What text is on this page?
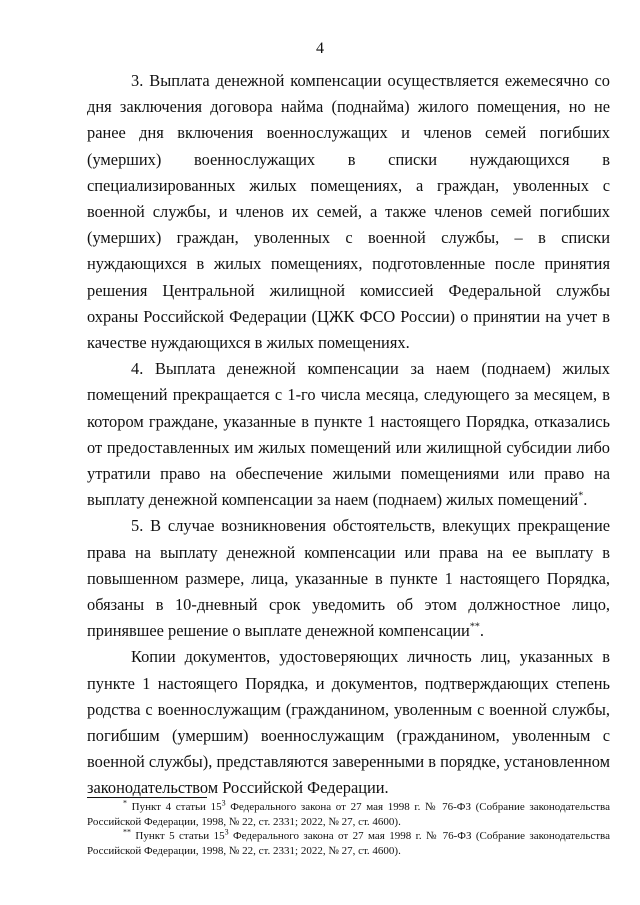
4

3. Выплата денежной компенсации осуществляется ежемесячно со дня заключения договора найма (поднайма) жилого помещения, но не ранее дня включения военнослужащих и членов семей погибших (умерших) военнослужащих в списки нуждающихся в специализированных жилых помещениях, а граждан, уволенных с военной службы, и членов их семей, а также членов семей погибших (умерших) граждан, уволенных с военной службы, – в списки нуждающихся в жилых помещениях, подготовленные после принятия решения Центральной жилищной комиссией Федеральной службы охраны Российской Федерации (ЦЖК ФСО России) о принятии на учет в качестве нуждающихся в жилых помещениях.

4. Выплата денежной компенсации за наем (поднаем) жилых помещений прекращается с 1-го числа месяца, следующего за месяцем, в котором граждане, указанные в пункте 1 настоящего Порядка, отказались от предоставленных им жилых помещений или жилищной субсидии либо утратили право на обеспечение жилыми помещениями или право на выплату денежной компенсации за наем (поднаем) жилых помещений*.

5. В случае возникновения обстоятельств, влекущих прекращение права на выплату денежной компенсации или права на ее выплату в повышенном размере, лица, указанные в пункте 1 настоящего Порядка, обязаны в 10-дневный срок уведомить об этом должностное лицо, принявшее решение о выплате денежной компенсации**.

Копии документов, удостоверяющих личность лиц, указанных в пункте 1 настоящего Порядка, и документов, подтверждающих степень родства с военнослужащим (гражданином, уволенным с военной службы, погибшим (умершим) военнослужащим (гражданином, уволенным с военной службы), представляются заверенными в порядке, установленном законодательством Российской Федерации.

* Пункт 4 статьи $15^3$ Федерального закона от 27 мая 1998 г. № 76-ФЗ (Собрание законодательства Российской Федерации, 1998, № 22, ст. 2331; 2022, № 27, ст. 4600).

** Пункт 5 статьи $15^3$ Федерального закона от 27 мая 1998 г. № 76-ФЗ (Собрание законодательства Российской Федерации, 1998, № 22, ст. 2331; 2022, № 27, ст. 4600).
